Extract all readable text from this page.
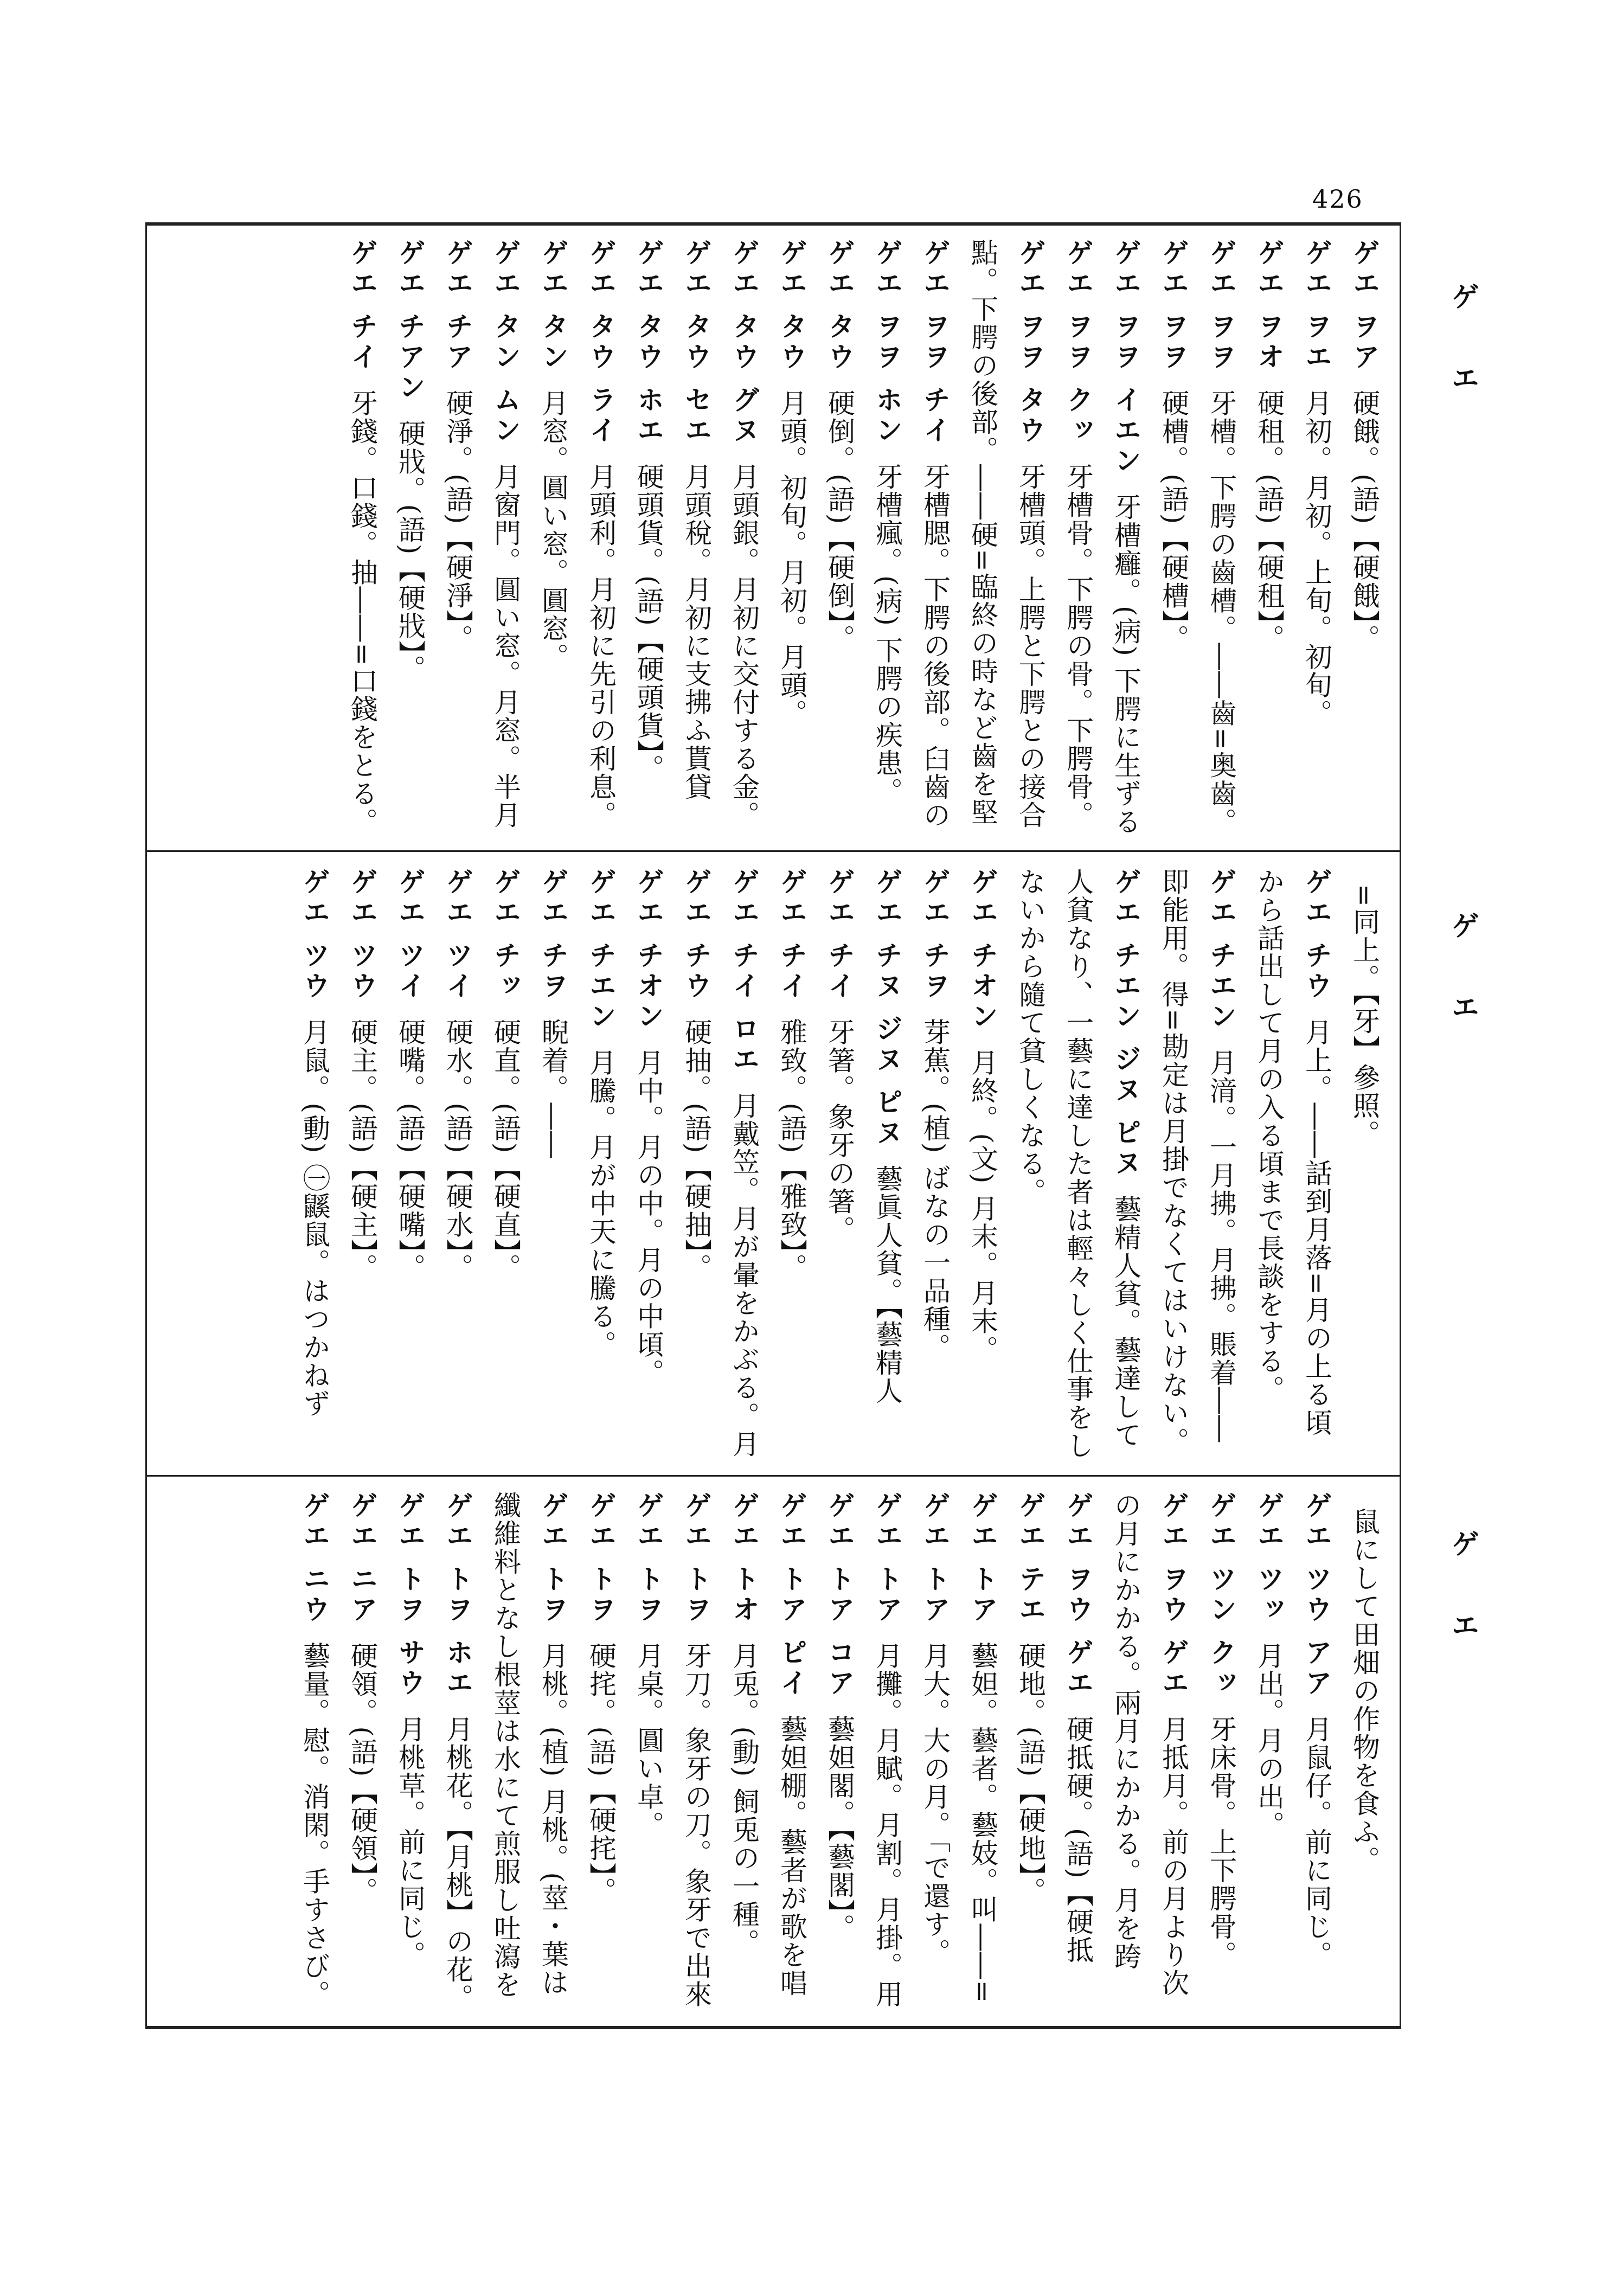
426
ゲ エ
ゲ エ
ゲ エ
ゲエ ヲア硬餓。(語)【硬餓】。
ゲエ ヲエ月初。月初。上旬。初旬。
ゲエ ヲオ硬租。(語)【硬租】。
ゲエ ヲヲ牙槽。下腭の齒槽。――齒=奥齒。
ゲエ ヲヲ硬槽。(語)【硬槽】。
ゲエ ヲヲ イエン牙槽癰。(病) 下腭に生ずる
ゲエ ヲヲ クッ牙槽骨。下腭の骨。下腭骨。
ゲエ ヲヲ タウ牙槽頭。上腭と下腭との接合點。下腭の後部。――硬=臨終の時など齒を堅
ゲエ ヲヲ チイ牙槽腮。下腭の後部。臼齒の
ゲエ ヲヲ ホン牙槽瘋。(病) 下腭の疾患。
ゲエ タウ硬倒。(語)【硬倒】。
ゲエ タウ月頭。初旬。月初。月頭。
ゲエ タウ グヌ月頭銀。月初に交付する金。
ゲエ タウ セエ月頭稅。月初に支拂ふ貰貸
ゲエ タウ ホエ硬頭貨。(語)【硬頭貨】。
ゲエ タウ ライ月頭利。月初に先引の利息。
ゲエ タン月窓。圓い窓。圓窓。
ゲエ タン ムン月窗門。圓い窓。月窓。半月
ゲエ チア硬淨。(語)【硬淨】。
ゲエ チアン硬戕。(語)【硬戕】。
ゲエ チイ牙錢。口錢。抽――=口錢をとる。
=同上。【牙】參照。
ゲエ チウ月上。――話到月落=月の上る頃から話出して月の入る頃まで長談をする。
ゲエ チエン月湇。一月拂。月拂。賬着――即能用。得=勘定は月掛でなくてはいけない。
ゲエ チエン ジヌ ピヌ藝精人貧。藝達して人貧なり、一藝に達した者は輕々しく仕事をしないから隨て貧しくなる。
ゲエ チオン月終。(文) 月末。月末。
ゲエ チヲ芽蕉。(植) ばなの一品種。
ゲエ チヌ ジヌ ピヌ藝眞人貧。【藝精人
ゲエ チイ牙箸。象牙の箸。
ゲエ チイ雅致。(語)【雅致】。
ゲエ チイ ロエ月戴笠。月が暈をかぶる。月
ゲエ チウ硬抽。(語)【硬抽】。
ゲエ チオン月中。月の中。月の中頃。
ゲエ チエン月騰。月が中天に騰る。
ゲエ チヲ睨着。――
ゲエ チッ硬直。(語)【硬直】。
ゲエ ツイ硬水。(語)【硬水】。
ゲエ ツイ硬嘴。(語)【硬嘴】。
ゲエ ツウ硬主。(語)【硬主】。
ゲエ ツウ月鼠。(動) ㊀鼷鼠。はつかねず
鼠にして田畑の作物を食ふ。
ゲエ ツウ アア月鼠仔。前に同じ。
ゲエ ツッ月出。月の出。
ゲエ ツン クッ牙床骨。上下腭骨。
ゲエ ヲウ ゲエ月抵月。前の月より次の月にかかる。兩月にかかる。月を跨
ゲエ ヲウ ゲエ硬抵硬。(語)【硬抵
ゲエ テエ硬地。(語)【硬地】。
ゲエ トア藝妲。藝者。藝妓。叫――=
ゲエ トア月大。大の月。「で還す。
ゲエ トア月攤。月賦。月割。月掛。用
ゲエ トア コア藝妲閣。【藝閣】。
ゲエ トア ピイ藝妲棚。藝者が歌を唱
ゲエ トオ月兎。(動) 飼兎の一種。
ゲエ トヲ牙刀。象牙の刀。象牙で出來
ゲエ トヲ月桌。圓い卓。
ゲエ トヲ硬挓。(語)【硬挓】。
ゲエ トヲ月桃。(植) 月桃。(莖・葉は纖維料となし根莖は水にて煎服し吐瀉を
ゲエ トヲ ホエ月桃花。【月桃】の花。
ゲエ トヲ サウ月桃草。前に同じ。
ゲエ ニア硬領。(語)【硬領】。
ゲエ ニウ藝量。慰。消閑。手すさび。
